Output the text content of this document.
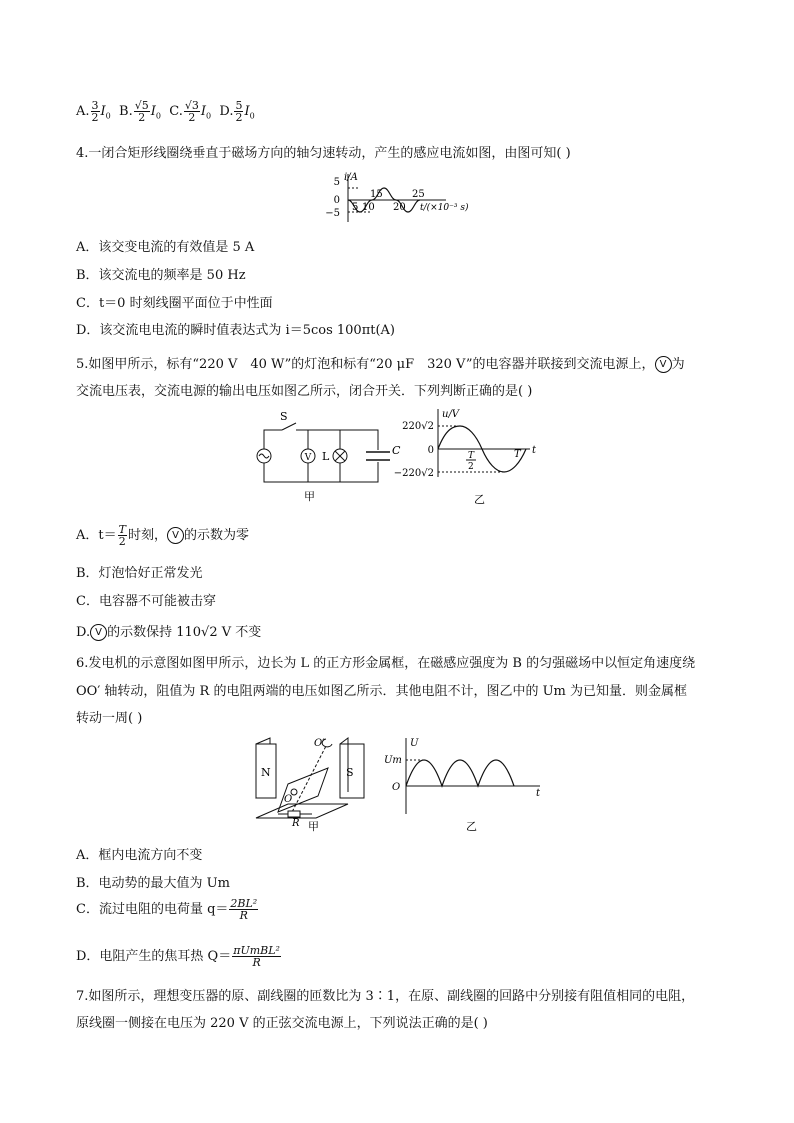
A. $\frac{3}{2} I_0$ B. $\frac{√5}{2} I_0$ C. $\frac{√3}{2} I_0$ D. $\frac{5}{2} I_0$
4.一闭合矩形线圈绕垂直于磁场方向的轴匀速转动，产生的感应电流如图，由图可知( )
5
0
−5
i/A
5 10
15
20
25
t/(×10⁻³ s)
A．该交变电流的有效值是 5 A
B．该交流电的频率是 50 Hz
C．t＝0 时刻线圈平面位于中性面
D．该交流电电流的瞬时值表达式为 i＝5cos 100πt(A)
5.如图甲所示，标有“220 V　40 W”的灯泡和标有“20 μF　320 V”的电容器并联接到交流电源上， V 为
交流电压表，交流电源的输出电压如图乙所示，闭合开关．下列判断正确的是( )
S
V L	C
甲
u/V
220√2
0
−220√2
T
2
T t
乙
A．$t= \frac{T}{2}$ 时刻， V 的示数为零
B．灯泡恰好正常发光
C．电容器不可能被击穿
D. V 的示数保持 110√2 V 不变
6.发电机的示意图如图甲所示，边长为 L 的正方形金属框，在磁感应强度为 B 的匀强磁场中以恒定角速度绕
OO′ 轴转动，阻值为 R 的电阻两端的电压如图乙所示．其他电阻不计，图乙中的 Um 为已知量．则金属框
转动一周( )
N	S
O′
O
R 甲
U
Um
O
t
乙
A．框内电流方向不变
B．电动势的最大值为 Um
C．流过电阻的电荷量 $q= \frac{\text{2BL²}}{R}$
D．电阻产生的焦耳热 $Q= \frac{\text{πUmBL²}}{R}$
7.如图所示，理想变压器的原、副线圈的匝数比为 3∶1，在原、副线圈的回路中分别接有阻值相同的电阻，
原线圈一侧接在电压为 220 V 的正弦交流电源上，下列说法正确的是( )
